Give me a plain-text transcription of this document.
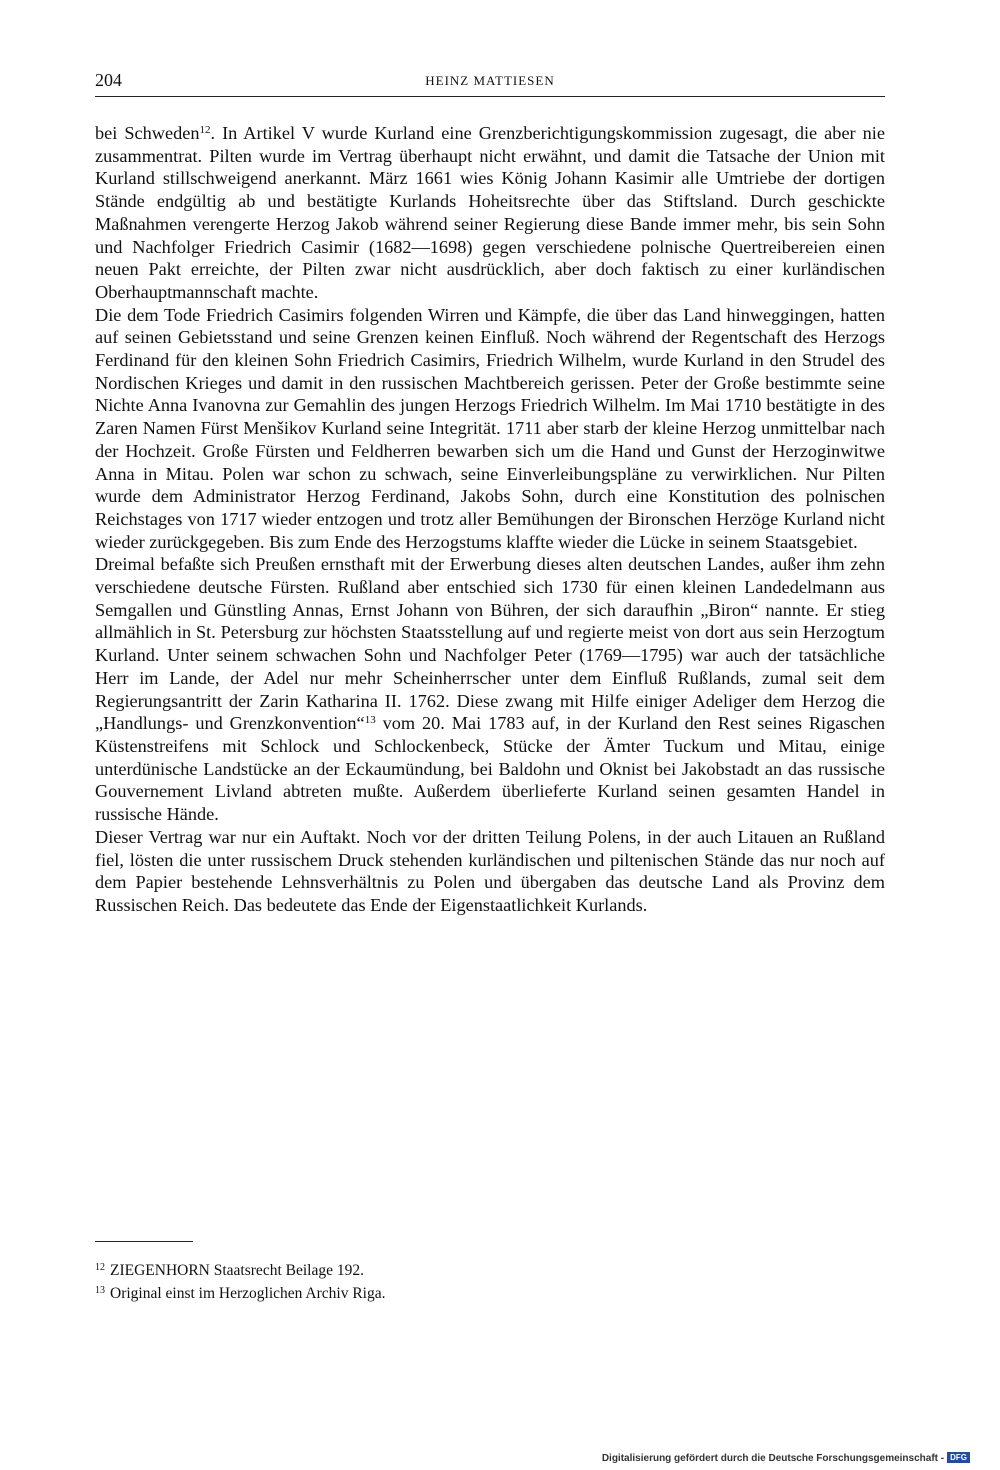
204	HEINZ MATTIESEN

bei Schweden$^{12}$. In Artikel V wurde Kurland eine Grenzberichtigungskommission zugesagt, die aber nie zusammentrat. Pilten wurde im Vertrag überhaupt nicht erwähnt, und damit die Tatsache der Union mit Kurland stillschweigend anerkannt. März 1661 wies König Johann Kasimir alle Umtriebe der dortigen Stände endgültig ab und bestätigte Kurlands Hoheitsrechte über das Stiftsland. Durch geschickte Maßnahmen verengerte Herzog Jakob während seiner Regierung diese Bande immer mehr, bis sein Sohn und Nachfolger Friedrich Casimir (1682—1698) gegen verschiedene polnische Quertreibereien einen neuen Pakt erreichte, der Pilten zwar nicht ausdrücklich, aber doch faktisch zu einer kurländischen Oberhauptmannschaft machte.

Die dem Tode Friedrich Casimirs folgenden Wirren und Kämpfe, die über das Land hinweggingen, hatten auf seinen Gebietsstand und seine Grenzen keinen Einfluß. Noch während der Regentschaft des Herzogs Ferdinand für den kleinen Sohn Friedrich Casimirs, Friedrich Wilhelm, wurde Kurland in den Strudel des Nordischen Krieges und damit in den russischen Machtbereich gerissen. Peter der Große bestimmte seine Nichte Anna Ivanovna zur Gemahlin des jungen Herzogs Friedrich Wilhelm. Im Mai 1710 bestätigte in des Zaren Namen Fürst Menšikov Kurland seine Integrität. 1711 aber starb der kleine Herzog unmittelbar nach der Hochzeit. Große Fürsten und Feldherren bewarben sich um die Hand und Gunst der Herzoginwitwe Anna in Mitau. Polen war schon zu schwach, seine Einverleibungspläne zu verwirklichen. Nur Pilten wurde dem Administrator Herzog Ferdinand, Jakobs Sohn, durch eine Konstitution des polnischen Reichstages von 1717 wieder entzogen und trotz aller Bemühungen der Bironschen Herzöge Kurland nicht wieder zurückgegeben. Bis zum Ende des Herzogstums klaffte wieder die Lücke in seinem Staatsgebiet.

Dreimal befaßte sich Preußen ernsthaft mit der Erwerbung dieses alten deutschen Landes, außer ihm zehn verschiedene deutsche Fürsten. Rußland aber entschied sich 1730 für einen kleinen Landedelmann aus Semgallen und Günstling Annas, Ernst Johann von Bühren, der sich daraufhin „Biron“ nannte. Er stieg allmählich in St. Petersburg zur höchsten Staatsstellung auf und regierte meist von dort aus sein Herzogtum Kurland. Unter seinem schwachen Sohn und Nachfolger Peter (1769—1795) war auch der tatsächliche Herr im Lande, der Adel nur mehr Scheinherrscher unter dem Einfluß Rußlands, zumal seit dem Regierungsantritt der Zarin Katharina II. 1762. Diese zwang mit Hilfe einiger Adeliger dem Herzog die „Handlungs- und Grenzkonvention“$^{13}$ vom 20. Mai 1783 auf, in der Kurland den Rest seines Rigaschen Küstenstreifens mit Schlock und Schlockenbeck, Stücke der Ämter Tuckum und Mitau, einige unterdünische Landstücke an der Eckaumündung, bei Baldohn und Oknist bei Jakobstadt an das russische Gouvernement Livland abtreten mußte. Außerdem überlieferte Kurland seinen gesamten Handel in russische Hände.

Dieser Vertrag war nur ein Auftakt. Noch vor der dritten Teilung Polens, in der auch Litauen an Rußland fiel, lösten die unter russischem Druck stehenden kurländischen und piltenischen Stände das nur noch auf dem Papier bestehende Lehnsverhältnis zu Polen und übergaben das deutsche Land als Provinz dem Russischen Reich. Das bedeutete das Ende der Eigenstaatlichkeit Kurlands.

$^{12}$ ZIEGENHORN Staatsrecht Beilage 192.
$^{13}$ Original einst im Herzoglichen Archiv Riga.
Digitalisierung gefördert durch die Deutsche Forschungsgemeinschaft - DFG
